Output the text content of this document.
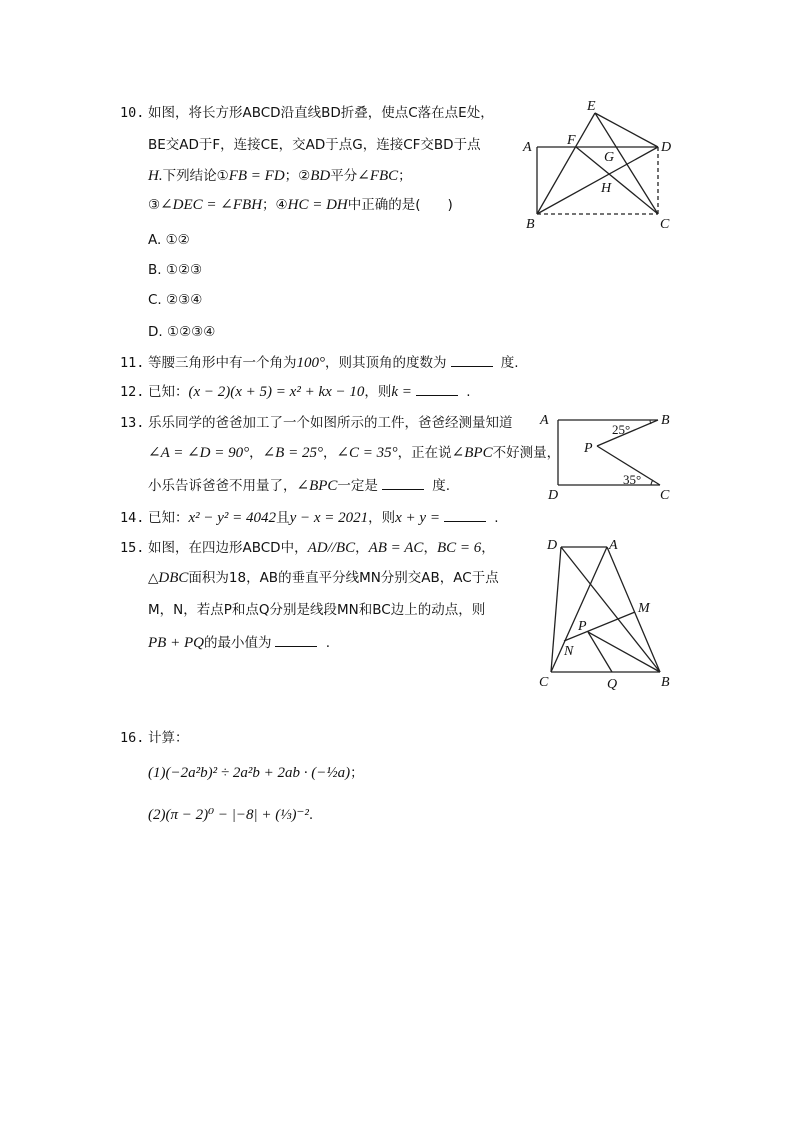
10. 如图，将长方形ABCD沿直线BD折叠，使点C落在点E处，
BE交AD于F，连接CE，交AD于点G，连接CF交BD于点
H.下列结论①FB = FD；②BD平分∠FBC；
③∠DEC = ∠FBH；④HC = DH中正确的是(　　)
A. ①②
B. ①②③
C. ②③④
D. ①②③④
11. 等腰三角形中有一个角为100°，则其顶角的度数为	度.
12. 已知：(x − 2)(x + 5) = x² + kx − 10，则k =	.
13. 乐乐同学的爸爸加工了一个如图所示的工件，爸爸经测量知道
∠A = ∠D = 90°，∠B = 25°，∠C = 35°，正在说∠BPC不好测量，
小乐告诉爸爸不用量了，∠BPC一定是	度.
14. 已知：x² − y² = 4042且y − x = 2021，则x + y =	.
15. 如图，在四边形ABCD中，AD//BC，AB = AC，BC = 6，
△DBC面积为18，AB的垂直平分线MN分别交AB，AC于点
M，N，若点P和点Q分别是线段MN和BC边上的动点，则
PB + PQ的最小值为	.
16. 计算：
(1)(−2a²b)² ÷ 2a²b + 2ab · (−½a)；
(2)(π − 2)⁰ − |−8| + (⅓)⁻².
A
B	C
D
E
F
G
H
A	B
C
D
P
25°
35°
A
B
C
D
M
N
P
Q
